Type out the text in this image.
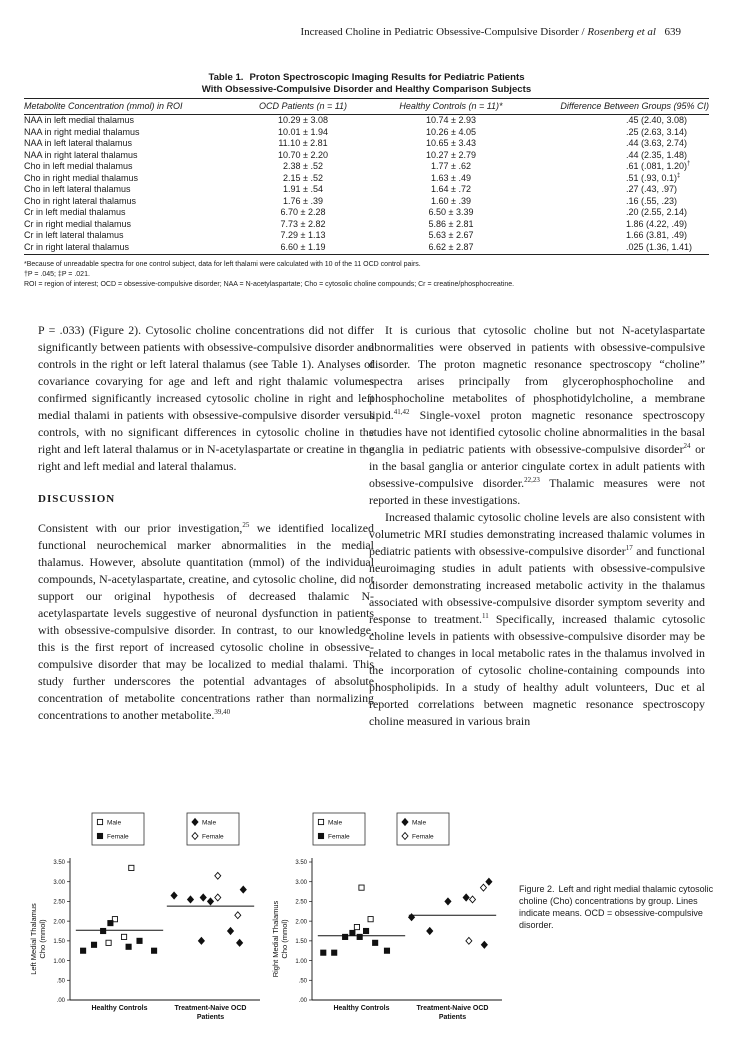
Increased Choline in Pediatric Obsessive-Compulsive Disorder / Rosenberg et al 639
Table 1. Proton Spectroscopic Imaging Results for Pediatric Patients
With Obsessive-Compulsive Disorder and Healthy Comparison Subjects
Metabolite Concentration (mmol) in ROI	OCD Patients (n = 11)	Healthy Controls (n = 11)*	Difference Between Groups (95% CI)
NAA in left medial thalamus	10.29 ± 3.08	10.74 ± 2.93	.45 (2.40, 3.08)
NAA in right medial thalamus	10.01 ± 1.94	10.26 ± 4.05	.25 (2.63, 3.14)
NAA in left lateral thalamus	11.10 ± 2.81	10.65 ± 3.43	.44 (3.63, 2.74)
NAA in right lateral thalamus	10.70 ± 2.20	10.27 ± 2.79	.44 (2.35, 1.48)
Cho in left medial thalamus	2.38 ± .52	1.77 ± .62	.61 (.081, 1.20)†
Cho in right medial thalamus	2.15 ± .52	1.63 ± .49	.51 (.93, 0.1)‡
Cho in left lateral thalamus	1.91 ± .54	1.64 ± .72	.27 (.43, .97)
Cho in right lateral thalamus	1.76 ± .39	1.60 ± .39	.16 (.55, .23)
Cr in left medial thalamus	6.70 ± 2.28	6.50 ± 3.39	.20 (2.55, 2.14)
Cr in right medial thalamus	7.73 ± 2.82	5.86 ± 2.81	1.86 (4.22, .49)
Cr in left lateral thalamus	7.29 ± 1.13	5.63 ± 2.67	1.66 (3.81, .49)
Cr in right lateral thalamus	6.60 ± 1.19	6.62 ± 2.87	.025 (1.36, 1.41)
*Because of unreadable spectra for one control subject, data for left thalami were calculated with 10 of the 11 OCD control pairs.
†P = .045; ‡P = .021.
ROI = region of interest; OCD = obsessive-compulsive disorder; NAA = N-acetylaspartate; Cho = cytosolic choline compounds; Cr = creatine/phosphocreatine.

P = .033) (Figure 2). Cytosolic choline concentrations did not differ significantly between patients with obsessive-compulsive disorder and controls in the right or left lateral thalamus (see Table 1). Analyses of covariance covarying for age and left and right thalamic volumes confirmed significantly increased cytosolic choline in right and left medial thalami in patients with obsessive-compulsive disorder versus controls, with no significant differences in cytosolic choline in the right and left lateral thalamus or in N-acetylaspartate or creatine in the right and left medial and lateral thalamus.

DISCUSSION

Consistent with our prior investigation,$^{25}$ we identified localized functional neurochemical marker abnormalities in the medial thalamus. However, absolute quantitation (mmol) of the individual compounds, N-acetylaspartate, creatine, and cytosolic choline, did not support our original hypothesis of decreased thalamic N-acetylaspartate levels suggestive of neuronal dysfunction in patients with obsessive-compulsive disorder. In contrast, to our knowledge, this is the first report of increased cytosolic choline in obsessive-compulsive disorder that may be localized to medial thalami. This study further underscores the potential advantages of absolute concentration of metabolite concentrations rather than normalizing concentrations to another metabolite.$^{39,40}$

It is curious that cytosolic choline but not N-acetylaspartate abnormalities were observed in patients with obsessive-compulsive disorder. The proton magnetic resonance spectroscopy “choline” spectra arises principally from glycerophosphocholine and phosphocholine metabolites of phosphotidylcholine, a membrane lipid.$^{41,42}$ Single-voxel proton magnetic resonance spectroscopy studies have not identified cytosolic choline abnormalities in the basal ganglia in pediatric patients with obsessive-compulsive disorder$^{24}$ or in the basal ganglia or anterior cingulate cortex in adult patients with obsessive-compulsive disorder.$^{22,23}$ Thalamic measures were not reported in these investigations.

Increased thalamic cytosolic choline levels are also consistent with volumetric MRI studies demonstrating increased thalamic volumes in pediatric patients with obsessive-compulsive disorder$^{17}$ and functional neuroimaging studies in adult patients with obsessive-compulsive disorder demonstrating increased metabolic activity in the thalamus associated with obsessive-compulsive disorder symptom severity and response to treatment.$^{11}$ Specifically, increased thalamic cytosolic choline levels in patients with obsessive-compulsive disorder may be related to changes in local metabolic rates in the thalamus involved in the incorporation of cytosolic choline-containing compounds into phospholipids. In a study of healthy adult volunteers, Duc et al reported correlations between magnetic resonance spectroscopy choline measured in various brain

Male
Female
Male
Female
3.50
3.00
2.50
2.00
1.50
1.00
.50
.00
Left Medial Thalamus Cho (mmol)
Healthy Controls	Treatment-Naive OCD
Patients
Male
Female
Male
Female
3.50
3.00
2.50
2.00
1.50
1.00
.50
.00
Right Medial Thalamus Cho (mmol)
Healthy Controls	Treatment-Naive OCD
Patients
Figure 2. Left and right medial thalamic cytosolic choline (Cho) concentrations by group. Lines indicate means. OCD = obsessive-compulsive disorder.
